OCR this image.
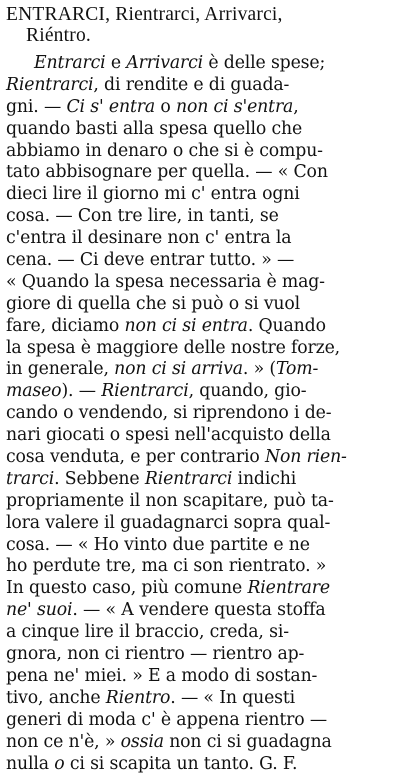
ENTRARCI, Rientrarci, Arrivarci,
Riéntro.
Entrarci e Arrivarci è delle spese;
Rientrarci, di rendite e di guada-
gni. — Ci s' entra o non ci s'entra,
quando basti alla spesa quello che
abbiamo in denaro o che si è compu-
tato abbisognare per quella. — « Con
dieci lire il giorno mi c' entra ogni
cosa. — Con tre lire, in tanti, se
c'entra il desinare non c' entra la
cena. — Ci deve entrar tutto. » —
« Quando la spesa necessaria è mag-
giore di quella che si può o si vuol
fare, diciamo non ci si entra. Quando
la spesa è maggiore delle nostre forze,
in generale, non ci si arriva. » (Tom-
maseo). — Rientrarci, quando, gio-
cando o vendendo, si riprendono i de-
nari giocati o spesi nell'acquisto della
cosa venduta, e per contrario Non rien-
trarci. Sebbene Rientrarci indichi
propriamente il non scapitare, può ta-
lora valere il guadagnarci sopra qual-
cosa. — « Ho vinto due partite e ne
ho perdute tre, ma ci son rientrato. »
In questo caso, più comune Rientrare
ne' suoi. — « A vendere questa stoffa
a cinque lire il braccio, creda, si-
gnora, non ci rientro — rientro ap-
pena ne' miei. » E a modo di sostan-
tivo, anche Rientro. — « In questi
generi di moda c' è appena rientro —
non ce n'è, » ossia non ci si guadagna
nulla o ci si scapita un tanto. G. F.
